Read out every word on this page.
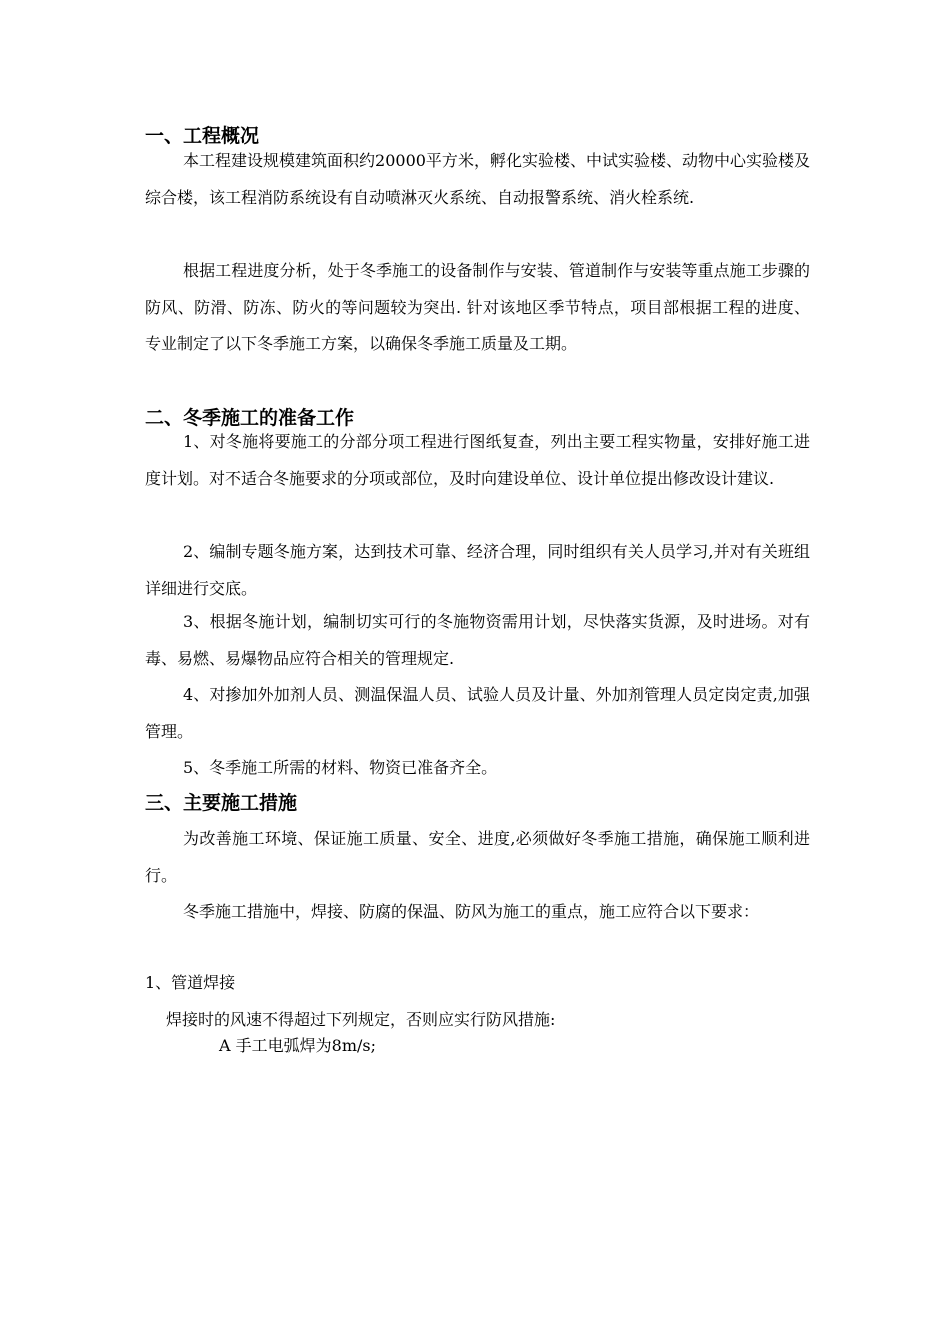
一、工程概况

本工程建设规模建筑面积约20000平方米，孵化实验楼、中试实验楼、动物中心实验楼及综合楼，该工程消防系统设有自动喷淋灭火系统、自动报警系统、消火栓系统.

根据工程进度分析，处于冬季施工的设备制作与安装、管道制作与安装等重点施工步骤的防风、防滑、防冻、防火的等问题较为突出. 针对该地区季节特点，项目部根据工程的进度、专业制定了以下冬季施工方案，以确保冬季施工质量及工期。

二、冬季施工的准备工作

1、对冬施将要施工的分部分项工程进行图纸复查，列出主要工程实物量，安排好施工进度计划。对不适合冬施要求的分项或部位，及时向建设单位、设计单位提出修改设计建议.

2、编制专题冬施方案，达到技术可靠、经济合理，同时组织有关人员学习,并对有关班组详细进行交底。

3、根据冬施计划，编制切实可行的冬施物资需用计划，尽快落实货源，及时进场。对有毒、易燃、易爆物品应符合相关的管理规定.

4、对掺加外加剂人员、测温保温人员、试验人员及计量、外加剂管理人员定岗定责,加强管理。

5、冬季施工所需的材料、物资已准备齐全。

三、主要施工措施

为改善施工环境、保证施工质量、安全、进度,必须做好冬季施工措施，确保施工顺利进行。

冬季施工措施中，焊接、防腐的保温、防风为施工的重点，施工应符合以下要求：

1、管道焊接

焊接时的风速不得超过下列规定，否则应实行防风措施:

A 手工电弧焊为8m/s;
